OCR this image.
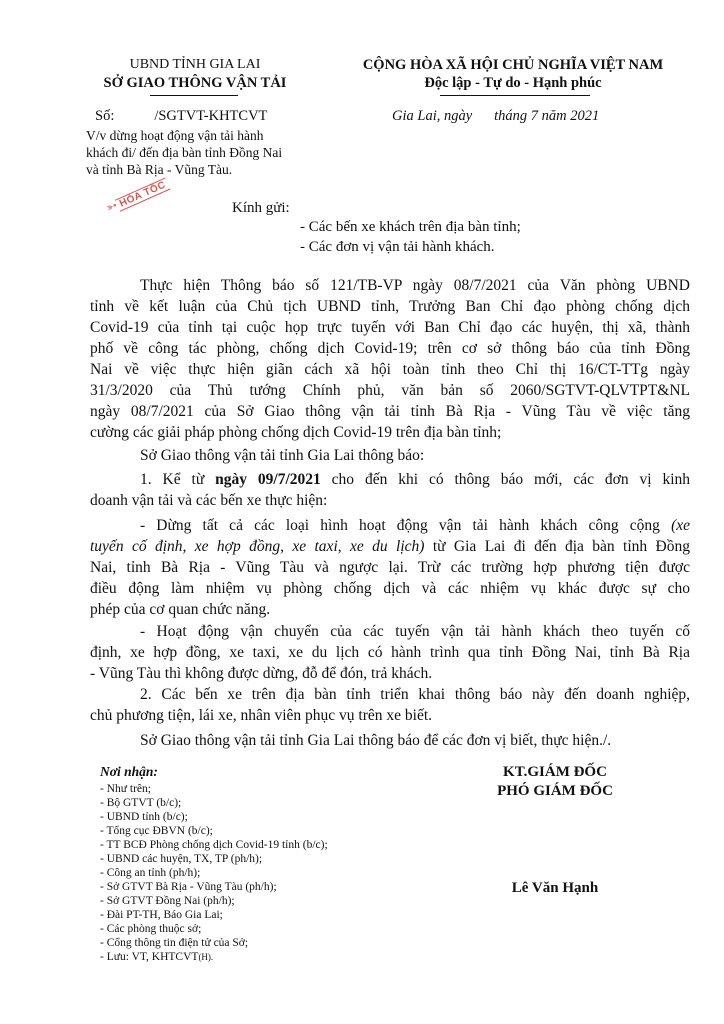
UBND TỈNH GIA LAI
SỞ GIAO THÔNG VẬN TẢI
CỘNG HÒA XÃ HỘI CHỦ NGHĨA VIỆT NAM
Độc lập - Tự do - Hạnh phúc
Số:	/SGTVT-KHTCVT	Gia Lai, ngày tháng 7 năm 2021
V/v dừng hoạt động vận tải hành
khách đi/ đến địa bàn tỉnh Đồng Nai
và tỉnh Bà Rịa - Vũng Tàu.
➳HỎA TỐC	Kính gửi:
- Các bến xe khách trên địa bàn tỉnh;
- Các đơn vị vận tải hành khách.
Thực hiện Thông báo số 121/TB-VP ngày 08/7/2021 của Văn phòng UBND
tỉnh về kết luận của Chủ tịch UBND tỉnh, Trưởng Ban Chỉ đạo phòng chống dịch
Covid-19 của tỉnh tại cuộc họp trực tuyến với Ban Chỉ đạo các huyện, thị xã, thành
phố về công tác phòng, chống dịch Covid-19; trên cơ sở thông báo của tỉnh Đồng
Nai về việc thực hiện giãn cách xã hội toàn tỉnh theo Chỉ thị 16/CT-TTg ngày
31/3/2020 của Thủ tướng Chính phủ, văn bản số 2060/SGTVT-QLVTPT&NL
ngày 08/7/2021 của Sở Giao thông vận tải tỉnh Bà Rịa - Vũng Tàu về việc tăng
cường các giải pháp phòng chống dịch Covid-19 trên địa bàn tỉnh;
Sở Giao thông vận tải tỉnh Gia Lai thông báo:
1. Kể từ ngày 09/7/2021 cho đến khi có thông báo mới, các đơn vị kinh
doanh vận tải và các bến xe thực hiện:
- Dừng tất cả các loại hình hoạt động vận tải hành khách công cộng (xe
tuyến cố định, xe hợp đồng, xe taxi, xe du lịch) từ Gia Lai đi đến địa bàn tỉnh Đồng
Nai, tỉnh Bà Rịa - Vũng Tàu và ngược lại. Trừ các trường hợp phương tiện được
điều động làm nhiệm vụ phòng chống dịch và các nhiệm vụ khác được sự cho
phép của cơ quan chức năng.
- Hoạt động vận chuyển của các tuyến vận tải hành khách theo tuyến cố
định, xe hợp đồng, xe taxi, xe du lịch có hành trình qua tỉnh Đồng Nai, tỉnh Bà Rịa
- Vũng Tàu thì không được dừng, đỗ để đón, trả khách.
2. Các bến xe trên địa bàn tỉnh triển khai thông báo này đến doanh nghiệp,
chủ phương tiện, lái xe, nhân viên phục vụ trên xe biết.
Sở Giao thông vận tải tỉnh Gia Lai thông báo để các đơn vị biết, thực hiện./.
KT.GIÁM ĐỐC
PHÓ GIÁM ĐỐC
Lê Văn Hạnh
Nơi nhận:
- Như trên;
- Bộ GTVT (b/c);
- UBND tỉnh (b/c);
- Tổng cục ĐBVN (b/c);
- TT BCĐ Phòng chống dịch Covid-19 tỉnh (b/c);
- UBND các huyện, TX, TP (ph/h);
- Công an tỉnh (ph/h);
- Sở GTVT Bà Rịa - Vũng Tàu (ph/h);
- Sở GTVT Đồng Nai (ph/h);
- Đài PT-TH, Báo Gia Lai;
- Các phòng thuộc sở;
- Cổng thông tin điện tử của Sở;
- Lưu: VT, KHTCVT(H).
